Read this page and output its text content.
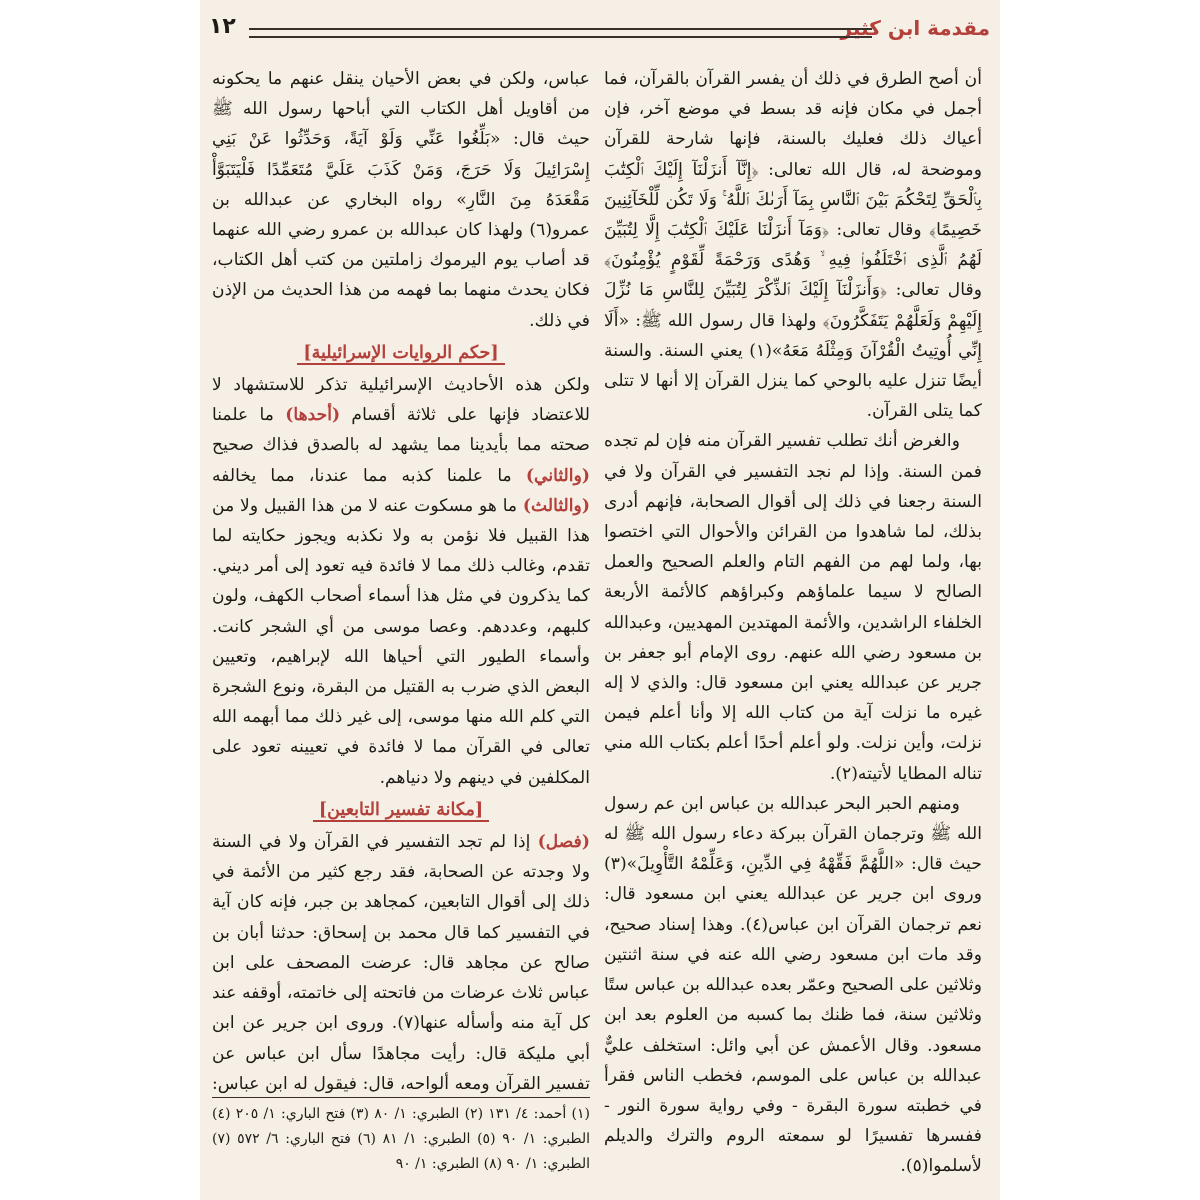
مقدمة ابن كثير
١٢

أن أصح الطرق في ذلك أن يفسر القرآن بالقرآن، فما أجمل في مكان فإنه قد بسط في موضع آخر، فإن أعياك ذلك فعليك بالسنة، فإنها شارحة للقرآن وموضحة له، قال الله تعالى: ﴿إِنَّآ أَنزَلْنَآ إِلَيْكَ ٱلْكِتَٰبَ بِٱلْحَقِّ لِتَحْكُمَ بَيْنَ ٱلنَّاسِ بِمَآ أَرَىٰكَ ٱللَّهُ ۚ وَلَا تَكُن لِّلْخَآئِنِينَ خَصِيمًا﴾ وقال تعالى: ﴿وَمَآ أَنزَلْنَا عَلَيْكَ ٱلْكِتَٰبَ إِلَّا لِتُبَيِّنَ لَهُمُ ٱلَّذِى ٱخْتَلَفُوا۟ فِيهِ ۙ وَهُدًى وَرَحْمَةً لِّقَوْمٍ يُؤْمِنُونَ﴾ وقال تعالى: ﴿وَأَنزَلْنَآ إِلَيْكَ ٱلذِّكْرَ لِتُبَيِّنَ لِلنَّاسِ مَا نُزِّلَ إِلَيْهِمْ وَلَعَلَّهُمْ يَتَفَكَّرُونَ﴾ ولهذا قال رسول الله ﷺ: «أَلَا إِنِّي أُوتِيتُ الْقُرْآنَ وَمِثْلَهُ مَعَهُ»(١) يعني السنة. والسنة أيضًا تنزل عليه بالوحي كما ينزل القرآن إلا أنها لا تتلى كما يتلى القرآن.

والغرض أنك تطلب تفسير القرآن منه فإن لم تجده فمن السنة. وإذا لم نجد التفسير في القرآن ولا في السنة رجعنا في ذلك إلى أقوال الصحابة، فإنهم أدرى بذلك، لما شاهدوا من القرائن والأحوال التي اختصوا بها، ولما لهم من الفهم التام والعلم الصحيح والعمل الصالح لا سيما علماؤهم وكبراؤهم كالأئمة الأربعة الخلفاء الراشدين، والأئمة المهتدين المهديين، وعبدالله بن مسعود رضي الله عنهم. روى الإمام أبو جعفر بن جرير عن عبدالله يعني ابن مسعود قال: والذي لا إله غيره ما نزلت آية من كتاب الله إلا وأنا أعلم فيمن نزلت، وأين نزلت. ولو أعلم أحدًا أعلم بكتاب الله مني تناله المطايا لأتيته(٢).

ومنهم الحبر البحر عبدالله بن عباس ابن عم رسول الله ﷺ وترجمان القرآن ببركة دعاء رسول الله ﷺ له حيث قال: «اللَّهُمَّ فَقِّهْهُ فِي الدِّينِ، وَعَلِّمْهُ التَّأْوِيلَ»(٣) وروى ابن جرير عن عبدالله يعني ابن مسعود قال: نعم ترجمان القرآن ابن عباس(٤). وهذا إسناد صحيح، وقد مات ابن مسعود رضي الله عنه في سنة اثنتين وثلاثين على الصحيح وعمّر بعده عبدالله بن عباس ستًا وثلاثين سنة، فما ظنك بما كسبه من العلوم بعد ابن مسعود. وقال الأعمش عن أبي وائل: استخلف عليٌّ عبدالله بن عباس على الموسم، فخطب الناس فقرأ في خطبته سورة البقرة - وفي رواية سورة النور - ففسرها تفسيرًا لو سمعته الروم والترك والديلم لأسلموا(٥).

عباس، ولكن في بعض الأحيان ينقل عنهم ما يحكونه من أقاويل أهل الكتاب التي أباحها رسول الله ﷺ حيث قال: «بَلِّغُوا عَنِّي وَلَوْ آيَةً، وَحَدِّثُوا عَنْ بَنِي إِسْرَائِيلَ وَلَا حَرَجَ، وَمَنْ كَذَبَ عَلَيَّ مُتَعَمِّدًا فَلْيَتَبَوَّأْ مَقْعَدَهُ مِنَ النَّارِ» رواه البخاري عن عبدالله بن عمرو(٦) ولهذا كان عبدالله بن عمرو رضي الله عنهما قد أصاب يوم اليرموك زاملتين من كتب أهل الكتاب، فكان يحدث منهما بما فهمه من هذا الحديث من الإذن في ذلك.

[حكم الروايات الإسرائيلية]

ولكن هذه الأحاديث الإسرائيلية تذكر للاستشهاد لا للاعتضاد فإنها على ثلاثة أقسام (أحدها) ما علمنا صحته مما بأيدينا مما يشهد له بالصدق فذاك صحيح (والثاني) ما علمنا كذبه مما عندنا، مما يخالفه (والثالث) ما هو مسكوت عنه لا من هذا القبيل ولا من هذا القبيل فلا نؤمن به ولا نكذبه ويجوز حكايته لما تقدم، وغالب ذلك مما لا فائدة فيه تعود إلى أمر ديني. كما يذكرون في مثل هذا أسماء أصحاب الكهف، ولون كلبهم، وعددهم. وعصا موسى من أي الشجر كانت. وأسماء الطيور التي أحياها الله لإبراهيم، وتعيين البعض الذي ضرب به القتيل من البقرة، ونوع الشجرة التي كلم الله منها موسى، إلى غير ذلك مما أبهمه الله تعالى في القرآن مما لا فائدة في تعيينه تعود على المكلفين في دينهم ولا دنياهم.

[مكانة تفسير التابعين]

(فصل) إذا لم تجد التفسير في القرآن ولا في السنة ولا وجدته عن الصحابة، فقد رجع كثير من الأئمة في ذلك إلى أقوال التابعين، كمجاهد بن جبر، فإنه كان آية في التفسير كما قال محمد بن إسحاق: حدثنا أبان بن صالح عن مجاهد قال: عرضت المصحف على ابن عباس ثلاث عرضات من فاتحته إلى خاتمته، أوقفه عند كل آية منه وأسأله عنها(٧). وروى ابن جرير عن ابن أبي مليكة قال: رأيت مجاهدًا سأل ابن عباس عن تفسير القرآن ومعه ألواحه، قال: فيقول له ابن عباس:

(١) أحمد: ٤/ ١٣١ (٢) الطبري: ١/ ٨٠ (٣) فتح الباري: ١/ ٢٠٥ (٤) الطبري: ١/ ٩٠ (٥) الطبري: ١/ ٨١ (٦) فتح الباري: ٦/ ٥٧٢ (٧) الطبري: ١/ ٩٠ (٨) الطبري: ١/ ٩٠
